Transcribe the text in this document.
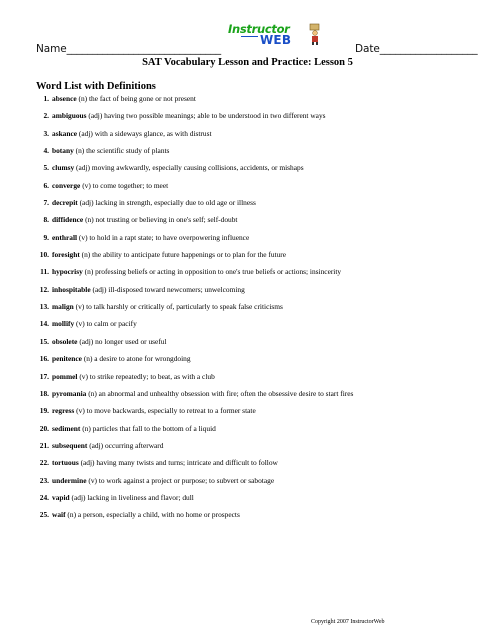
Name______________________________	Date___________________
Instructor
WEB
SAT Vocabulary Lesson and Practice: Lesson 5
Word List with Definitions
1. absence (n) the fact of being gone or not present
2. ambiguous (adj) having two possible meanings; able to be understood in two different ways
3. askance (adj) with a sideways glance, as with distrust
4. botany (n) the scientific study of plants
5. clumsy (adj) moving awkwardly, especially causing collisions, accidents, or mishaps
6. converge (v) to come together; to meet
7. decrepit (adj) lacking in strength, especially due to old age or illness
8. diffidence (n) not trusting or believing in one's self; self-doubt
9. enthrall (v) to hold in a rapt state; to have overpowering influence
10. foresight (n) the ability to anticipate future happenings or to plan for the future
11. hypocrisy (n) professing beliefs or acting in opposition to one's true beliefs or actions; insincerity
12. inhospitable (adj) ill-disposed toward newcomers; unwelcoming
13. malign (v) to talk harshly or critically of, particularly to speak false criticisms
14. mollify (v) to calm or pacify
15. obsolete (adj) no longer used or useful
16. penitence (n) a desire to atone for wrongdoing
17. pommel (v) to strike repeatedly; to beat, as with a club
18. pyromania (n) an abnormal and unhealthy obsession with fire; often the obsessive desire to start fires
19. regress (v) to move backwards, especially to retreat to a former state
20. sediment (n) particles that fall to the bottom of a liquid
21. subsequent (adj) occurring afterward
22. tortuous (adj) having many twists and turns; intricate and difficult to follow
23. undermine (v) to work against a project or purpose; to subvert or sabotage
24. vapid (adj) lacking in liveliness and flavor; dull
25. waif (n) a person, especially a child, with no home or prospects
Copyright 2007 InstructorWeb
